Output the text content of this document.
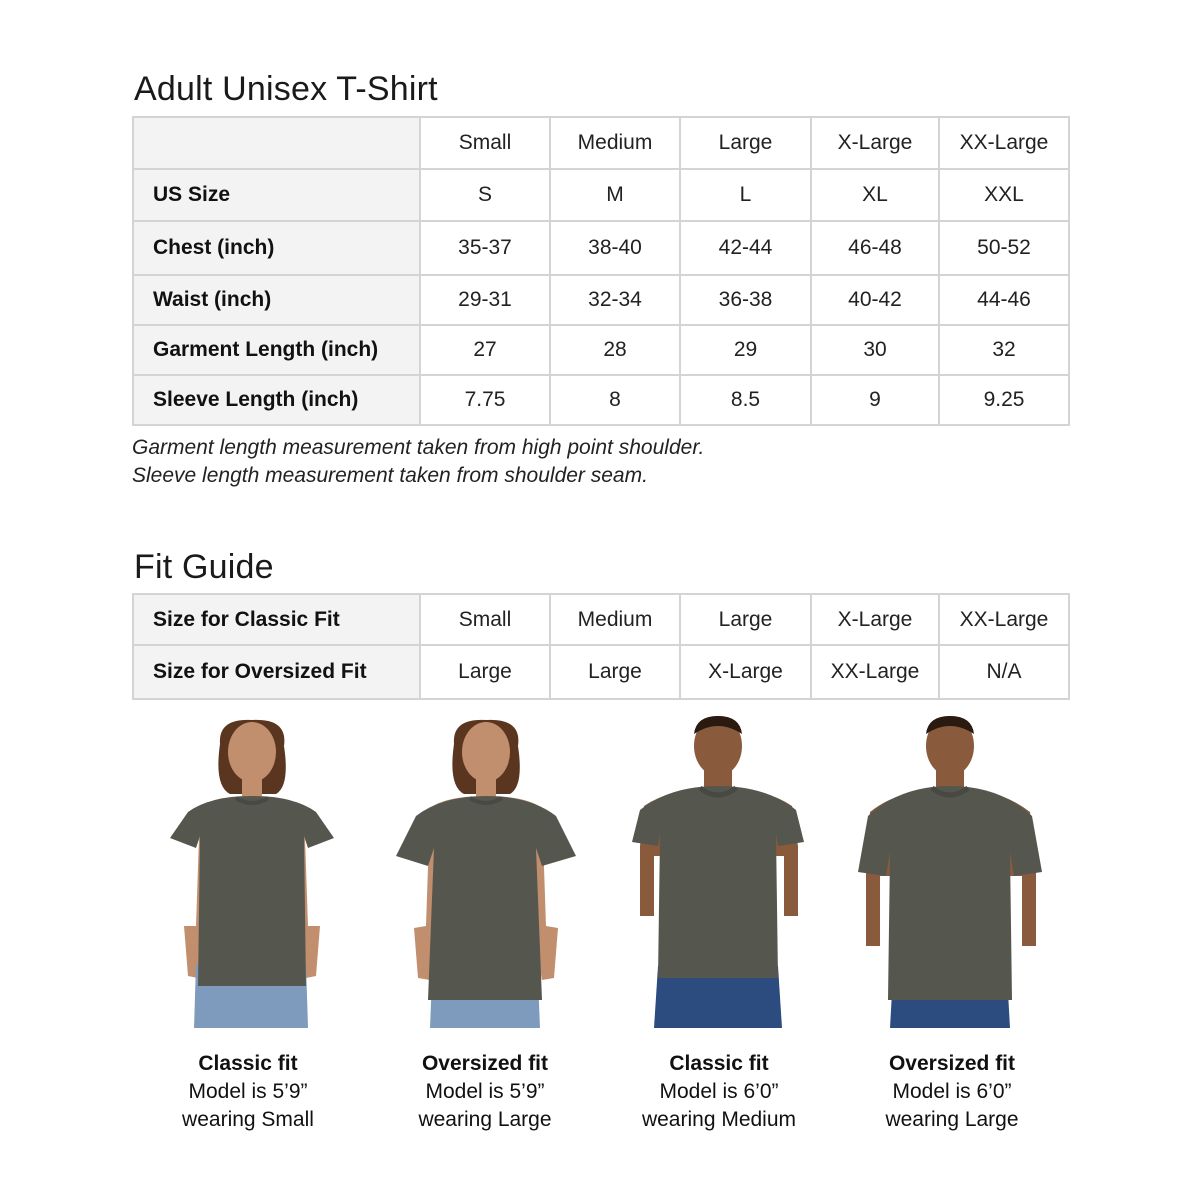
Adult Unisex T-Shirt
	Small	Medium	Large	X-Large	XX-Large
US Size	S	M	L	XL	XXL
Chest (inch)	35-37	38-40	42-44	46-48	50-52
Waist (inch)	29-31	32-34	36-38	40-42	44-46
Garment Length (inch)	27	28	29	30	32
Sleeve Length (inch)	7.75	8	8.5	9	9.25
Garment length measurement taken from high point shoulder.
Sleeve length measurement taken from shoulder seam.
Fit Guide
Size for Classic Fit	Small	Medium	Large	X-Large	XX-Large
Size for Oversized Fit	Large	Large	X-Large	XX-Large	N/A
Classic fit
Model is 5’9”
wearing Small
Oversized fit
Model is 5’9”
wearing Large
Classic fit
Model is 6’0”
wearing Medium
Oversized fit
Model is 6’0”
wearing Large
